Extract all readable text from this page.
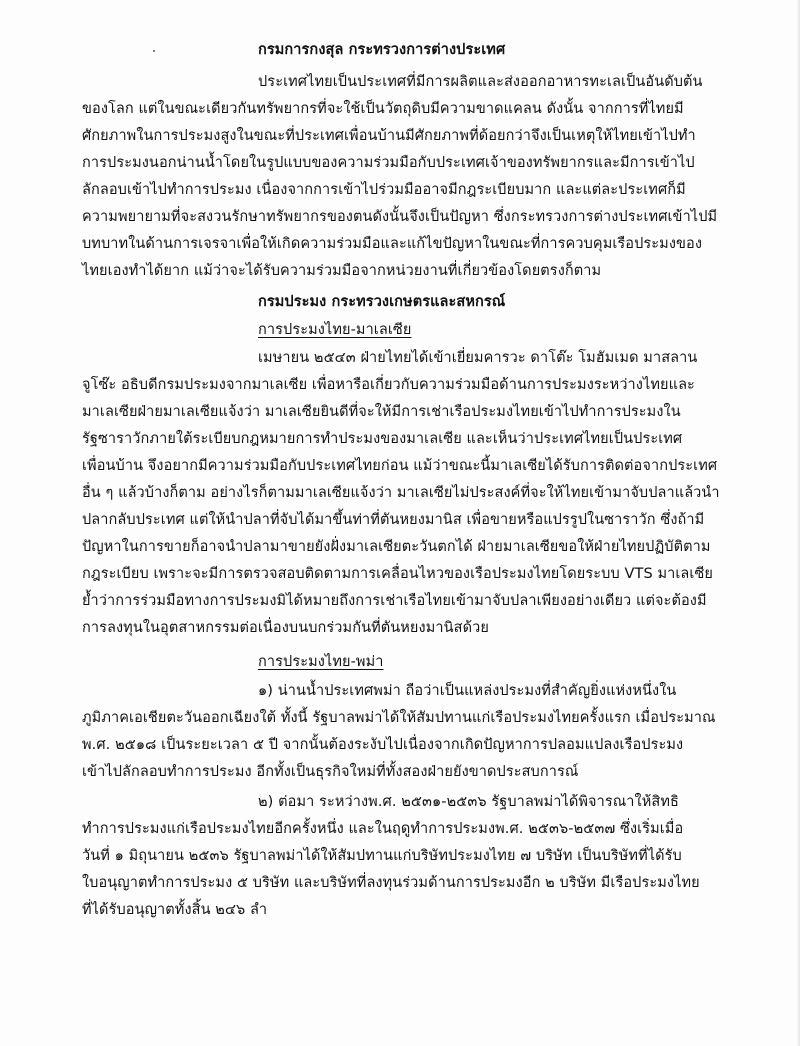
กรมการกงสุล กระทรวงการต่างประเทศ
ประเทศไทยเป็นประเทศที่มีการผลิตและส่งออกอาหารทะเลเป็นอันดับต้น
ของโลก แต่ในขณะเดียวกันทรัพยากรที่จะใช้เป็นวัตถุดิบมีความขาดแคลน ดังนั้น จากการที่ไทยมี
ศักยภาพในการประมงสูงในขณะที่ประเทศเพื่อนบ้านมีศักยภาพที่ด้อยกว่าจึงเป็นเหตุให้ไทยเข้าไปทำ
การประมงนอกน่านน้ำโดยในรูปแบบของความร่วมมือกับประเทศเจ้าของทรัพยากรและมีการเข้าไป
ลักลอบเข้าไปทำการประมง เนื่องจากการเข้าไปร่วมมืออาจมีกฎระเบียบมาก และแต่ละประเทศก็มี
ความพยายามที่จะสงวนรักษาทรัพยากรของตนดังนั้นจึงเป็นปัญหา ซึ่งกระทรวงการต่างประเทศเข้าไปมี
บทบาทในด้านการเจรจาเพื่อให้เกิดความร่วมมือและแก้ไขปัญหาในขณะที่การควบคุมเรือประมงของ
ไทยเองทำได้ยาก แม้ว่าจะได้รับความร่วมมือจากหน่วยงานที่เกี่ยวข้องโดยตรงก็ตาม
กรมประมง กระทรวงเกษตรและสหกรณ์
การประมงไทย-มาเลเซีย
เมษายน ๒๕๔๓ ฝ่ายไทยได้เข้าเยี่ยมคารวะ ดาโต๊ะ โมฮัมเมด มาสลาน
จูโซ๊ะ อธิบดีกรมประมงจากมาเลเซีย เพื่อหารือเกี่ยวกับความร่วมมือด้านการประมงระหว่างไทยและ
มาเลเซียฝ่ายมาเลเซียแจ้งว่า มาเลเซียยินดีที่จะให้มีการเช่าเรือประมงไทยเข้าไปทำการประมงใน
รัฐซาราวักภายใต้ระเบียบกฎหมายการทำประมงของมาเลเซีย และเห็นว่าประเทศไทยเป็นประเทศ
เพื่อนบ้าน จึงอยากมีความร่วมมือกับประเทศไทยก่อน แม้ว่าขณะนี้มาเลเซียได้รับการติดต่อจากประเทศ
อื่น ๆ แล้วบ้างก็ตาม อย่างไรก็ตามมาเลเซียแจ้งว่า มาเลเซียไม่ประสงค์ที่จะให้ไทยเข้ามาจับปลาแล้วนำ
ปลากลับประเทศ แต่ให้นำปลาที่จับได้มาขึ้นท่าที่ตันหยงมานิส เพื่อขายหรือแปรรูปในซาราวัก ซึ่งถ้ามี
ปัญหาในการขายก็อาจนำปลามาขายยังฝั่งมาเลเซียตะวันตกได้ ฝ่ายมาเลเซียขอให้ฝ่ายไทยปฏิบัติตาม
กฎระเบียบ เพราะจะมีการตรวจสอบติดตามการเคลื่อนไหวของเรือประมงไทยโดยระบบ VTS มาเลเซีย
ย้ำว่าการร่วมมือทางการประมงมิได้หมายถึงการเช่าเรือไทยเข้ามาจับปลาเพียงอย่างเดียว แต่จะต้องมี
การลงทุนในอุตสาหกรรมต่อเนื่องบนบกร่วมกันที่ตันหยงมานิสด้วย
การประมงไทย-พม่า
๑) น่านน้ำประเทศพม่า ถือว่าเป็นแหล่งประมงที่สำคัญยิ่งแห่งหนึ่งใน
ภูมิภาคเอเชียตะวันออกเฉียงใต้ ทั้งนี้ รัฐบาลพม่าได้ให้สัมปทานแก่เรือประมงไทยครั้งแรก เมื่อประมาณ
พ.ศ. ๒๕๑๘ เป็นระยะเวลา ๕ ปี จากนั้นต้องระงับไปเนื่องจากเกิดปัญหาการปลอมแปลงเรือประมง
เข้าไปลักลอบทำการประมง อีกทั้งเป็นธุรกิจใหม่ที่ทั้งสองฝ่ายยังขาดประสบการณ์
๒) ต่อมา ระหว่างพ.ศ. ๒๕๓๑-๒๕๓๖ รัฐบาลพม่าได้พิจารณาให้สิทธิ
ทำการประมงแก่เรือประมงไทยอีกครั้งหนึ่ง และในฤดูทำการประมงพ.ศ. ๒๕๓๖-๒๕๓๗ ซึ่งเริ่มเมื่อ
วันที่ ๑ มิถุนายน ๒๕๓๖ รัฐบาลพม่าได้ให้สัมปทานแก่บริษัทประมงไทย ๗ บริษัท เป็นบริษัทที่ได้รับ
ใบอนุญาตทำการประมง ๕ บริษัท และบริษัทที่ลงทุนร่วมด้านการประมงอีก ๒ บริษัท มีเรือประมงไทย
ที่ได้รับอนุญาตทั้งสิ้น ๒๔๖ ลำ
